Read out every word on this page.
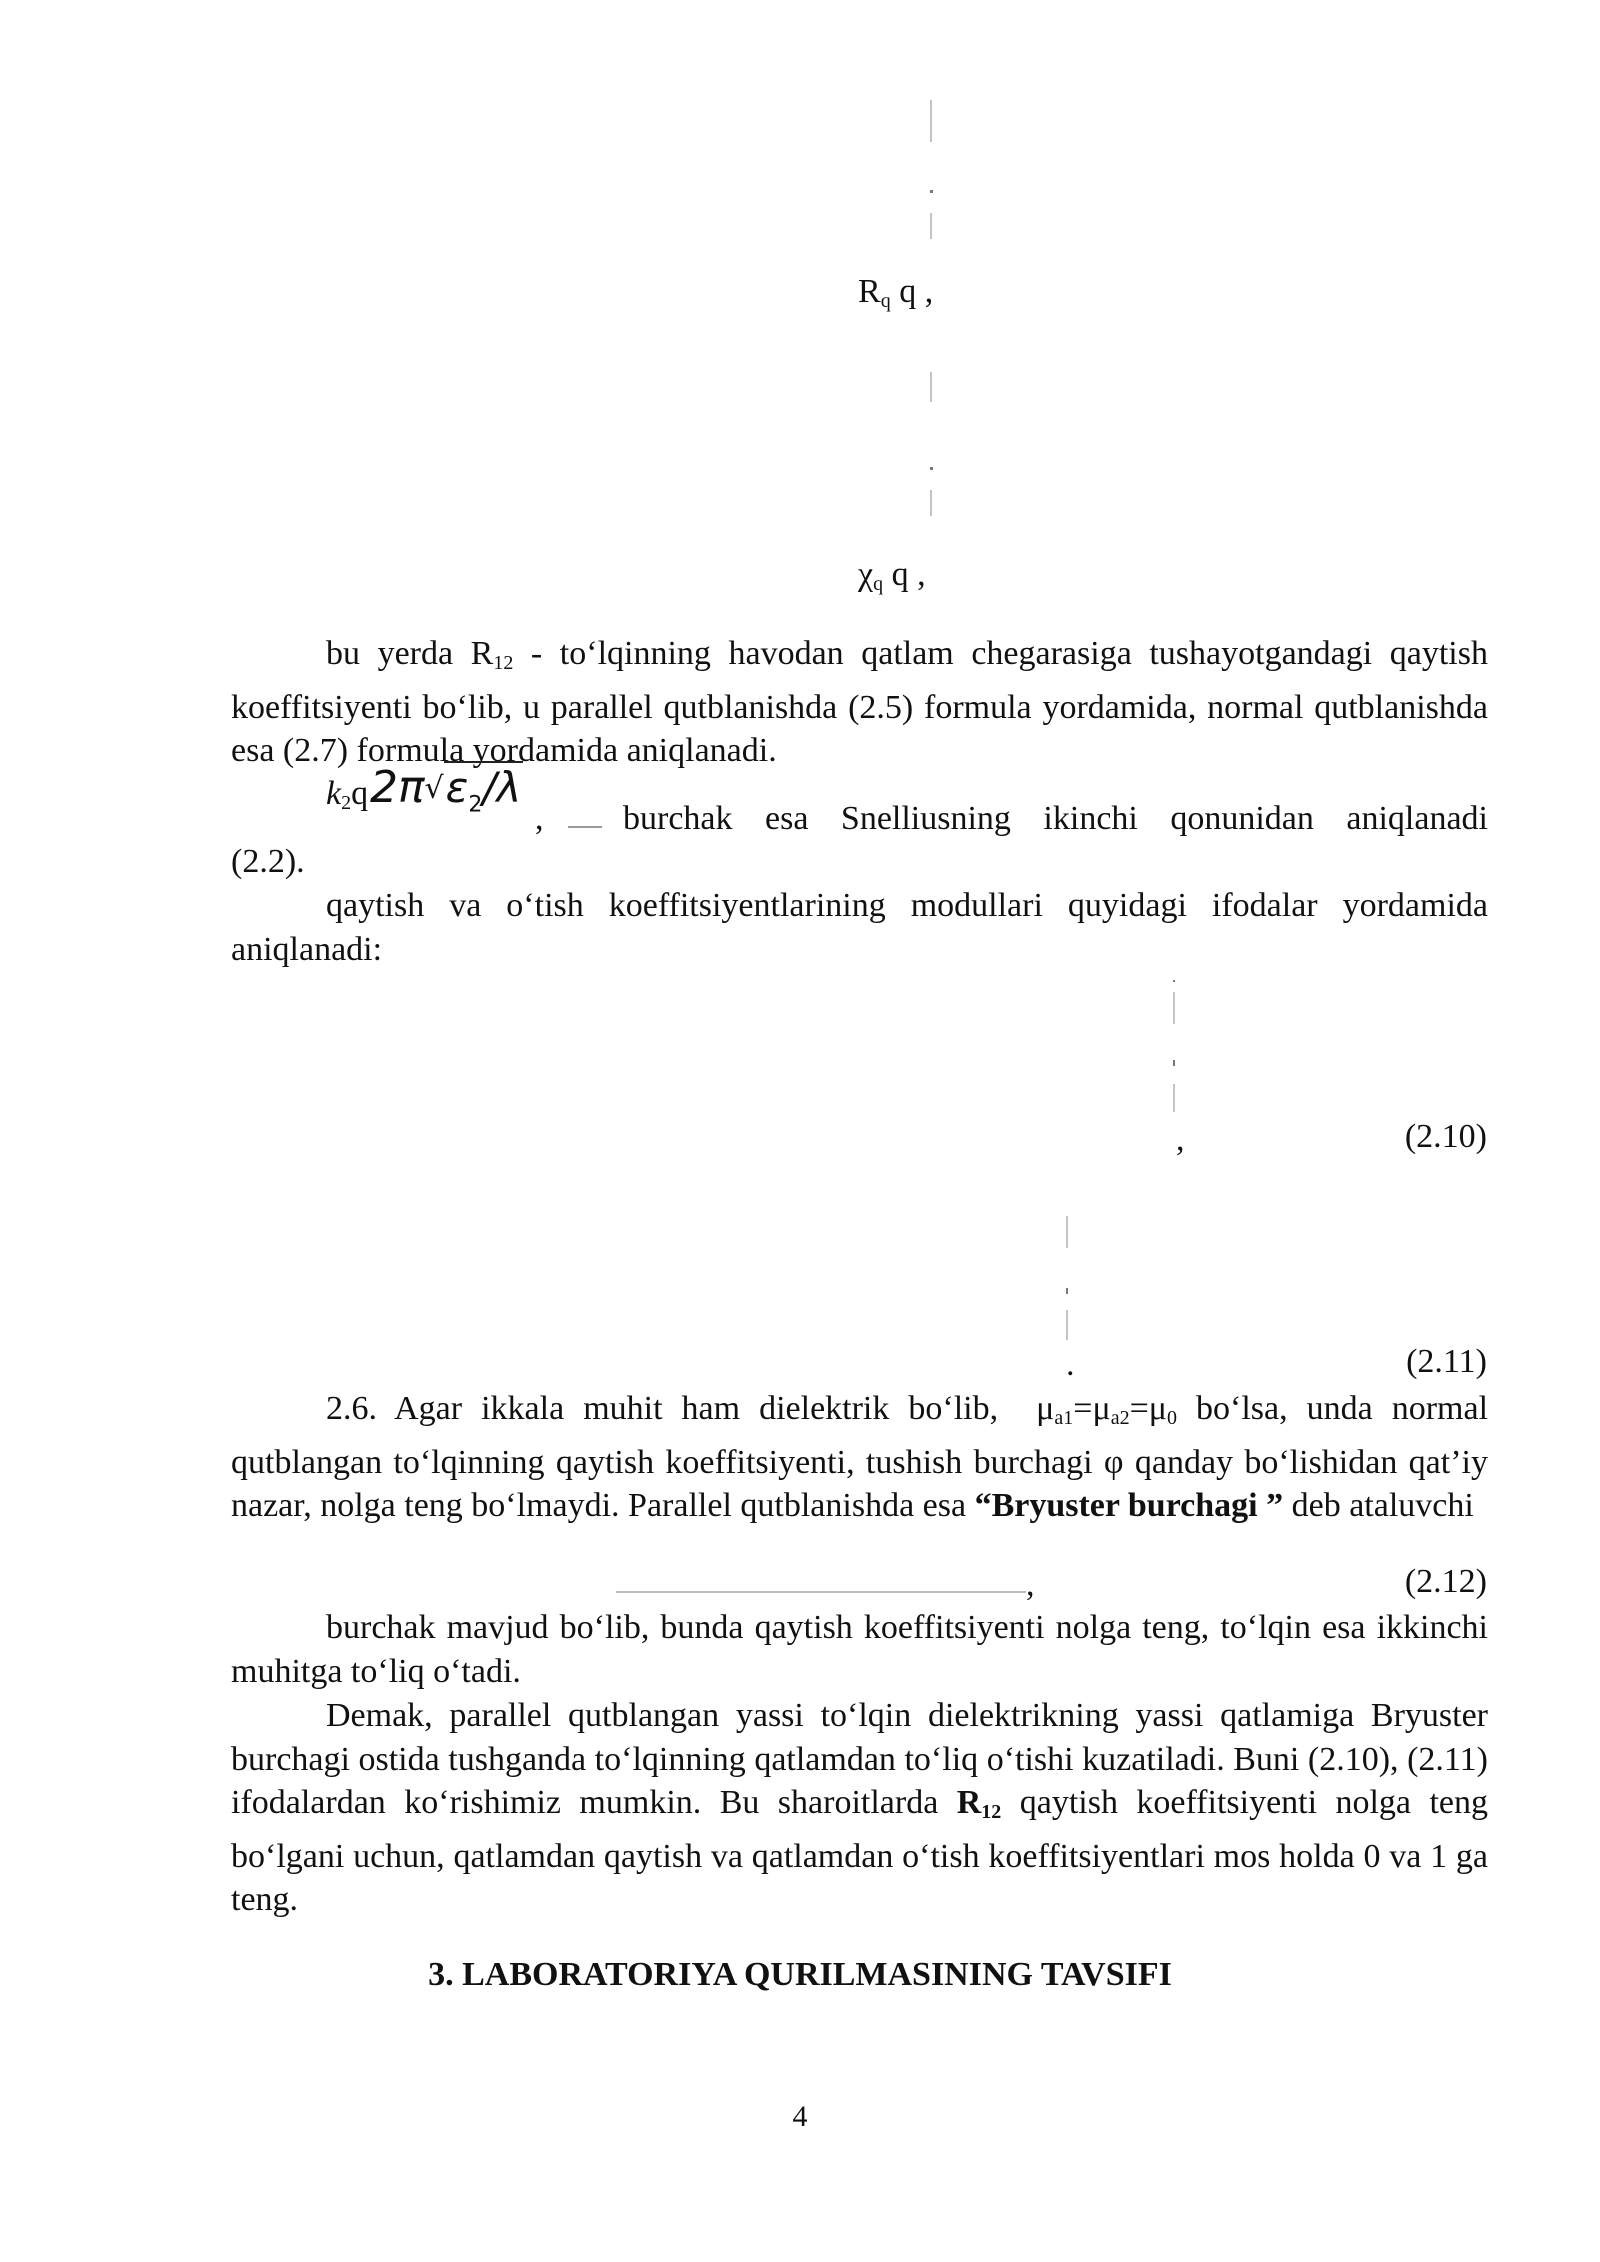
$R_q$ q ,
$\chi_q$ q ,
bu yerda $R_{12}$ - to‘lqinning havodan qatlam chegarasiga tushayotgandagi qaytish koeffitsiyenti bo‘lib, u parallel qutblanishda (2.5) formula yordamida, normal qutblanishda esa (2.7) formula yordamida aniqlanadi.
$k_2q$ $2\pi√\varepsilon_2/\lambda$
, burchak esa Snelliusning ikinchi qonunidan aniqlanadi
(2.2).
qaytish va o‘tish koeffitsiyentlarining modullari quyidagi ifodalar yordamida aniqlanadi:
,	(2.10)
.	(2.11)
2.6. Agar ikkala muhit ham dielektrik bo‘lib, $\mu_{a1}=\mu_{a2}=\mu_0$ bo‘lsa, unda normal qutblangan to‘lqinning qaytish koeffitsiyenti, tushish burchagi φ qanday bo‘lishidan qat’iy nazar, nolga teng bo‘lmaydi. Parallel qutblanishda esa “Bryuster burchagi ” deb ataluvchi
,	(2.12)
burchak mavjud bo‘lib, bunda qaytish koeffitsiyenti nolga teng, to‘lqin esa ikkinchi muhitga to‘liq o‘tadi.
Demak, parallel qutblangan yassi to‘lqin dielektrikning yassi qatlamiga Bryuster burchagi ostida tushganda to‘lqinning qatlamdan to‘liq o‘tishi kuzatiladi. Buni (2.10), (2.11) ifodalardan ko‘rishimiz mumkin. Bu sharoitlarda $R_{12}$ qaytish koeffitsiyenti nolga teng bo‘lgani uchun, qatlamdan qaytish va qatlamdan o‘tish koeffitsiyentlari mos holda 0 va 1 ga teng.
3. LABORATORIYA QURILMASINING TAVSIFI
4
